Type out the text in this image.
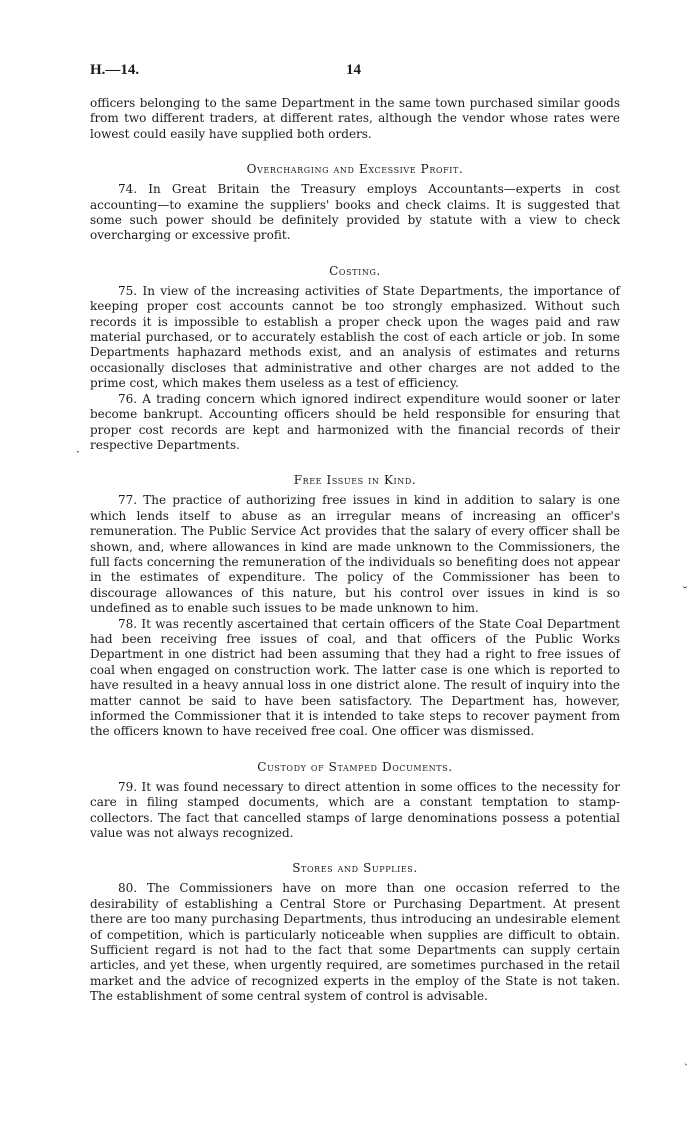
H.—14.	14

officers belonging to the same Department in the same town purchased similar goods from two different traders, at different rates, although the vendor whose rates were lowest could easily have supplied both orders.

Overcharging and Excessive Profit.

74. In Great Britain the Treasury employs Accountants—experts in cost accounting—to examine the suppliers' books and check claims. It is suggested that some such power should be definitely provided by statute with a view to check overcharging or excessive profit.

Costing.

75. In view of the increasing activities of State Departments, the importance of keeping proper cost accounts cannot be too strongly emphasized. Without such records it is impossible to establish a proper check upon the wages paid and raw material purchased, or to accurately establish the cost of each article or job. In some Departments haphazard methods exist, and an analysis of estimates and returns occasionally discloses that administrative and other charges are not added to the prime cost, which makes them useless as a test of efficiency.

76. A trading concern which ignored indirect expenditure would sooner or later become bankrupt. Accounting officers should be held responsible for ensuring that proper cost records are kept and harmonized with the financial records of their respective Departments.

Free Issues in Kind.

77. The practice of authorizing free issues in kind in addition to salary is one which lends itself to abuse as an irregular means of increasing an officer's remuneration. The Public Service Act provides that the salary of every officer shall be shown, and, where allowances in kind are made unknown to the Commissioners, the full facts concerning the remuneration of the individuals so benefiting does not appear in the estimates of expenditure. The policy of the Commissioner has been to discourage allowances of this nature, but his control over issues in kind is so undefined as to enable such issues to be made unknown to him.

78. It was recently ascertained that certain officers of the State Coal Department had been receiving free issues of coal, and that officers of the Public Works Department in one district had been assuming that they had a right to free issues of coal when engaged on construction work. The latter case is one which is reported to have resulted in a heavy annual loss in one district alone. The result of inquiry into the matter cannot be said to have been satisfactory. The Department has, however, informed the Commissioner that it is intended to take steps to recover payment from the officers known to have received free coal. One officer was dismissed.

Custody of Stamped Documents.

79. It was found necessary to direct attention in some offices to the necessity for care in filing stamped documents, which are a constant temptation to stamp-collectors. The fact that cancelled stamps of large denominations possess a potential value was not always recognized.

Stores and Supplies.

80. The Commissioners have on more than one occasion referred to the desirability of establishing a Central Store or Purchasing Department. At present there are too many purchasing Departments, thus introducing an undesirable element of competition, which is particularly noticeable when supplies are difficult to obtain. Sufficient regard is not had to the fact that some Departments can supply certain articles, and yet these, when urgently required, are sometimes purchased in the retail market and the advice of recognized experts in the employ of the State is not taken. The establishment of some central system of control is advisable.

·
˘
ˏ
